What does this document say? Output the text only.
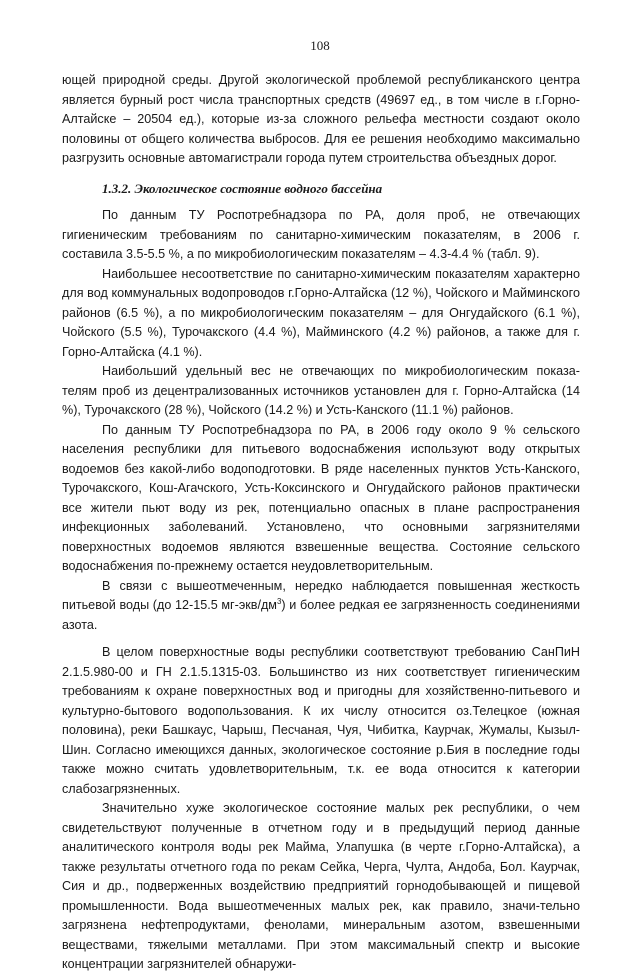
108

ющей природной среды. Другой экологической проблемой республиканского центра является бурный рост числа транспортных средств (49697 ед., в том числе в г.Горно-Алтайске – 20504 ед.), которые из-за сложного рельефа местности создают около половины от общего количества выбросов. Для ее решения необходимо максимально разгрузить основные автомагистрали города путем строительства объездных дорог.

1.3.2. Экологическое состояние водного бассейна

По данным ТУ Роспотребнадзора по РА, доля проб, не отвечающих гигиеническим требованиям по санитарно-химическим показателям, в 2006 г. составила 3.5-5.5 %, а по микробиологическим показателям – 4.3-4.4 % (табл. 9).

Наибольшее несоответствие по санитарно-химическим показателям характерно для вод коммунальных водопроводов г.Горно-Алтайска (12 %), Чойского и Майминского районов (6.5 %), а по микробиологическим показателям – для Онгудайского (6.1 %), Чойского (5.5 %), Турочакского (4.4 %), Майминского (4.2 %) районов, а также для г. Горно-Алтайска (4.1 %).

Наибольший удельный вес не отвечающих по микробиологическим показа-телям проб из децентрализованных источников установлен для г. Горно-Алтайска (14 %), Турочакского (28 %), Чойского (14.2 %) и Усть-Канского (11.1 %) районов.

По данным ТУ Роспотребнадзора по РА, в 2006 году около 9 % сельского населения республики для питьевого водоснабжения используют воду открытых водоемов без какой-либо водоподготовки. В ряде населенных пунктов Усть-Канского, Турочакского, Кош-Агачского, Усть-Коксинского и Онгудайского районов практически все жители пьют воду из рек, потенциально опасных в плане распространения инфекционных заболеваний. Установлено, что основными загрязнителями поверхностных водоемов являются взвешенные вещества. Состояние сельского водоснабжения по-прежнему остается неудовлетворительным.

В связи с вышеотмеченным, нередко наблюдается повышенная жесткость питьевой воды (до 12-15.5 $мг-экв/дм^3$) и более редкая ее загрязненность соединениями азота.

В целом поверхностные воды республики соответствуют требованию СанПиН 2.1.5.980-00 и ГН 2.1.5.1315-03. Большинство из них соответствует гигиеническим требованиям к охране поверхностных вод и пригодны для хозяйственно-питьевого и культурно-бытового водопользования. К их числу относится оз.Телецкое (южная половина), реки Башкаус, Чарыш, Песчаная, Чуя, Чибитка, Каурчак, Жумалы, Кызыл-Шин. Согласно имеющихся данных, экологическое состояние р.Бия в последние годы также можно считать удовлетворительным, т.к. ее вода относится к категории слабозагрязненных.

Значительно хуже экологическое состояние малых рек республики, о чем свидетельствуют полученные в отчетном году и в предыдущий период данные аналитического контроля воды рек Майма, Улапушка (в черте г.Горно-Алтайска), а также результаты отчетного года по рекам Сейка, Черга, Чулта, Андоба, Бол. Каурчак, Сия и др., подверженных воздействию предприятий горнодобывающей и пищевой промышленности. Вода вышеотмеченных малых рек, как правило, значи-тельно загрязнена нефтепродуктами, фенолами, минеральным азотом, взвешенными веществами, тяжелыми металлами. При этом максимальный спектр и высокие концентрации загрязнителей обнаружи-
